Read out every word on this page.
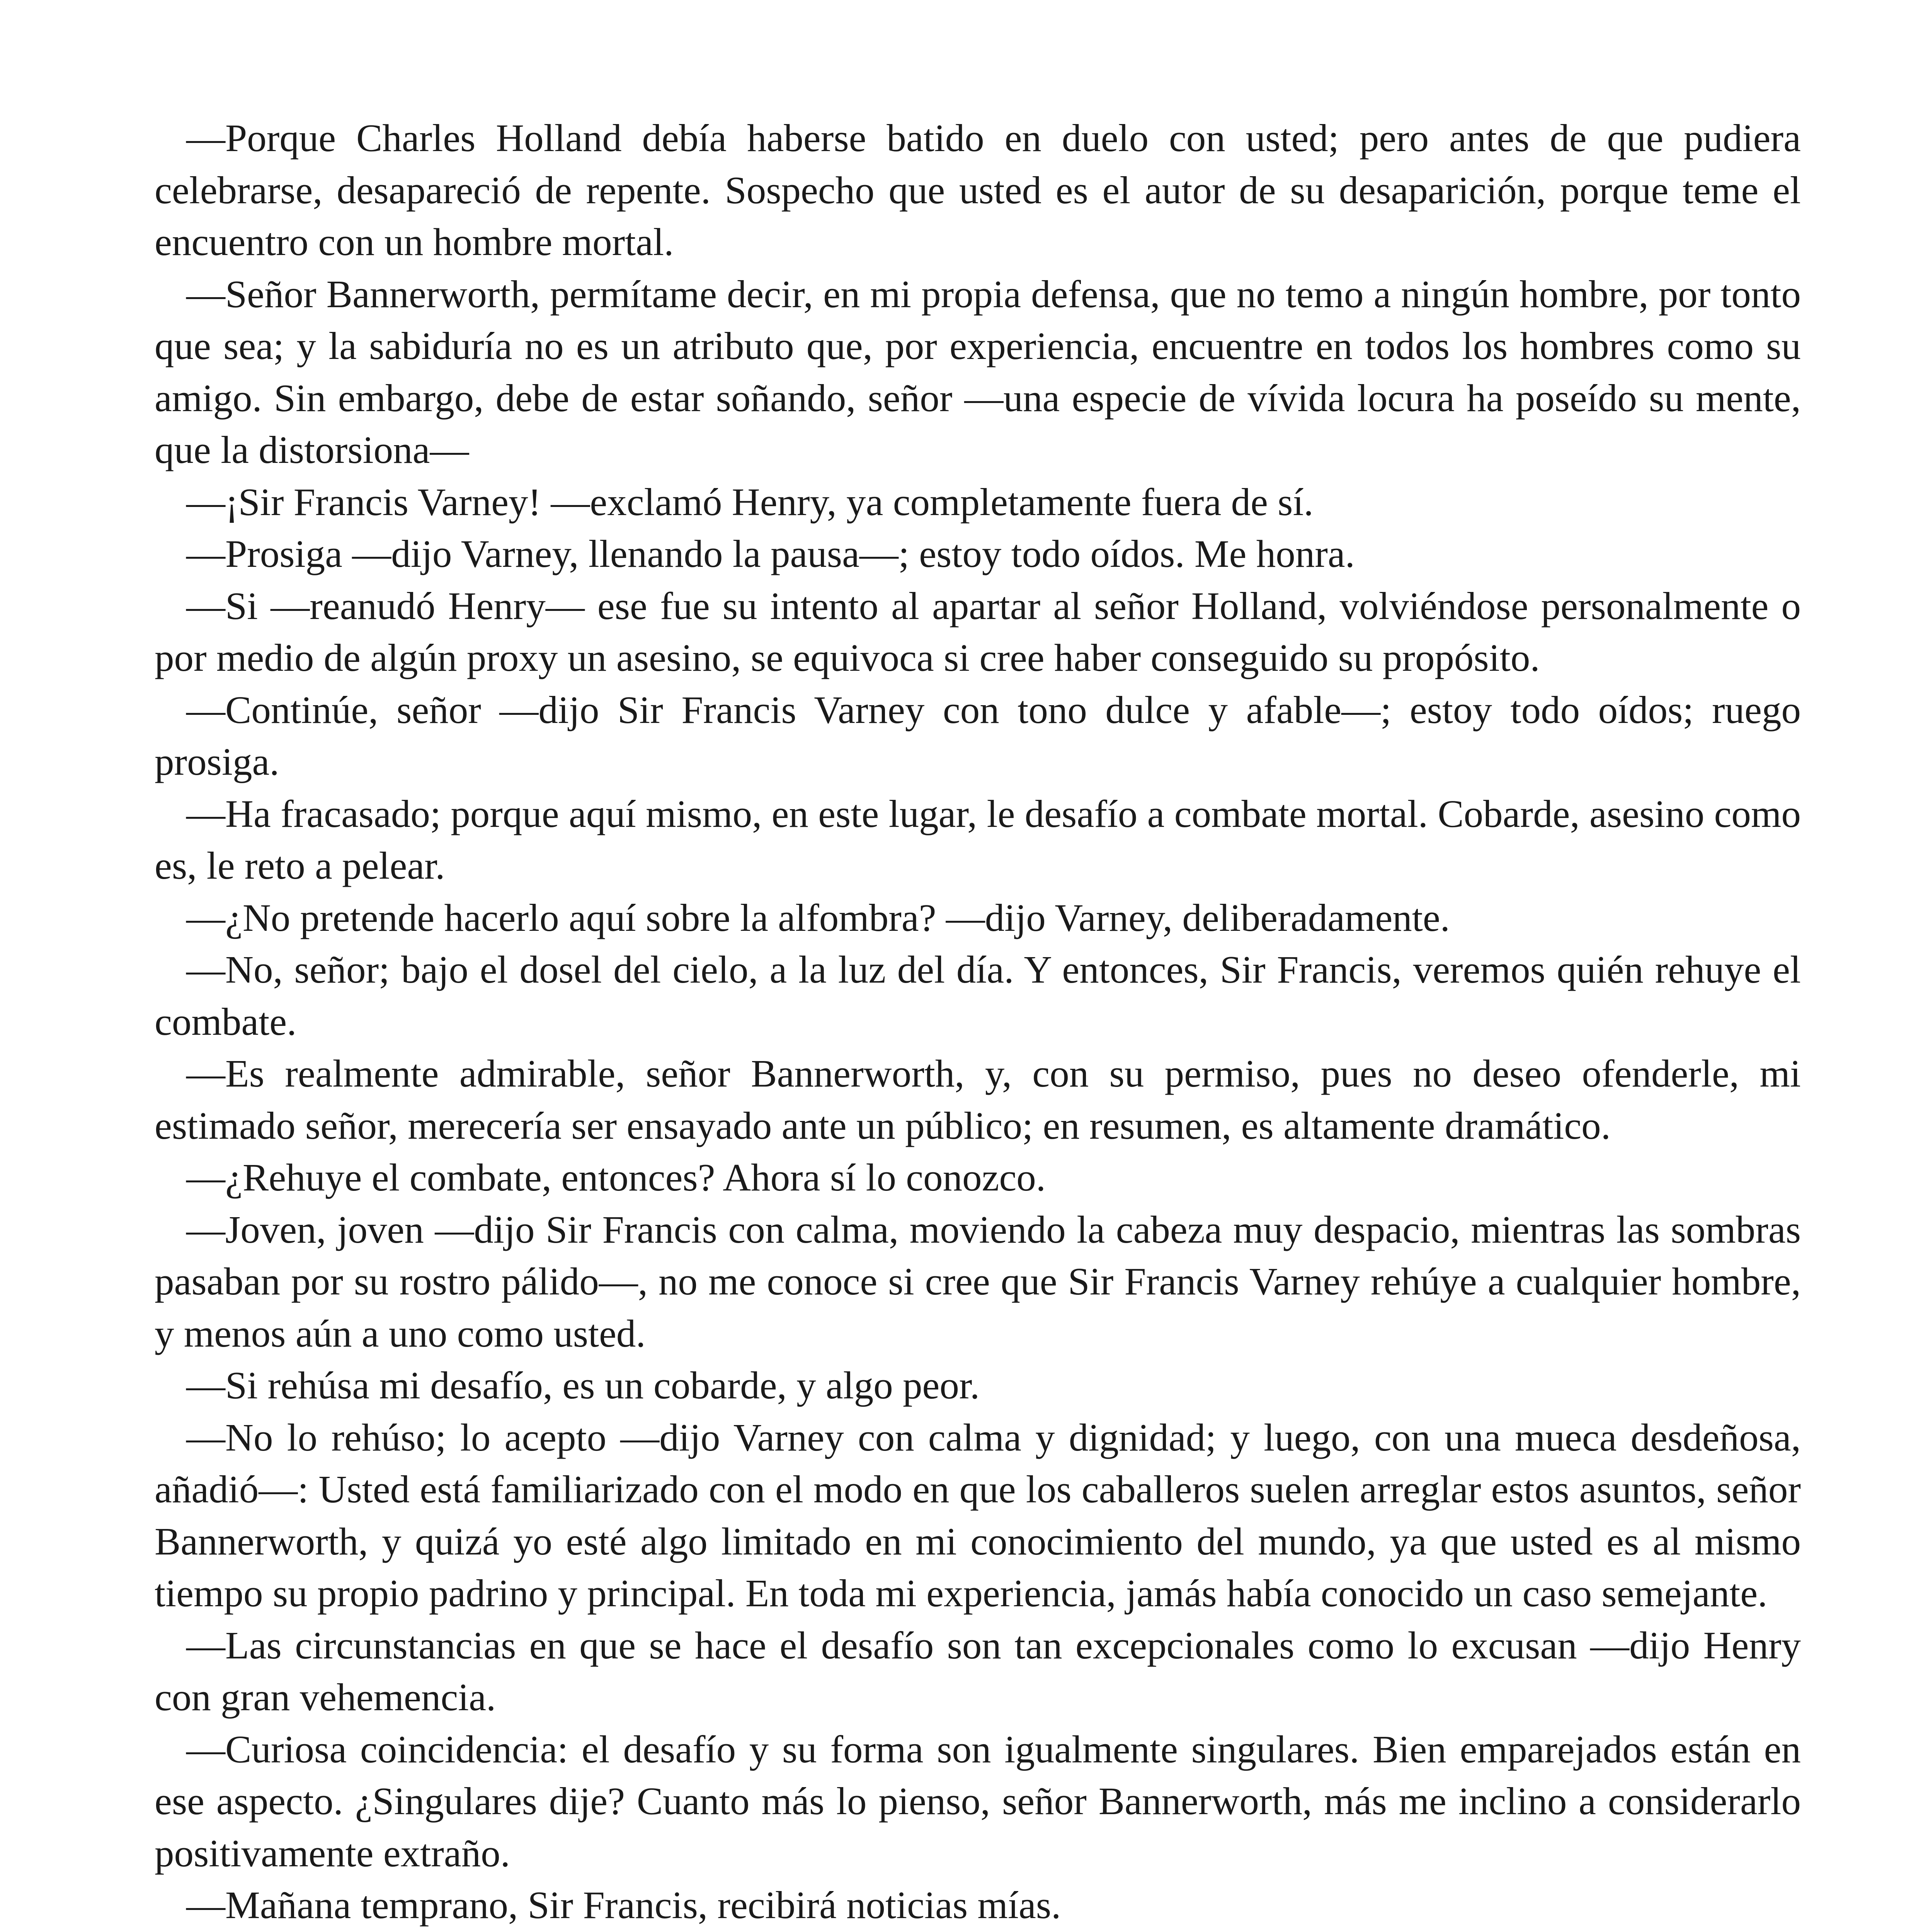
—Porque Charles Holland debía haberse batido en duelo con usted; pero antes de que pudiera celebrarse, desapareció de repente. Sospecho que usted es el autor de su desaparición, porque teme el encuentro con un hombre mortal.

—Señor Bannerworth, permítame decir, en mi propia defensa, que no temo a ningún hombre, por tonto que sea; y la sabiduría no es un atributo que, por experiencia, encuentre en todos los hombres como su amigo. Sin embargo, debe de estar soñando, señor —una especie de vívida locura ha poseído su mente, que la distorsiona—

—¡Sir Francis Varney! —exclamó Henry, ya completamente fuera de sí.

—Prosiga —dijo Varney, llenando la pausa—; estoy todo oídos. Me honra.

—Si —reanudó Henry— ese fue su intento al apartar al señor Holland, volviéndose personalmente o por medio de algún proxy un asesino, se equivoca si cree haber conseguido su propósito.

—Continúe, señor —dijo Sir Francis Varney con tono dulce y afable—; estoy todo oídos; ruego prosiga.

—Ha fracasado; porque aquí mismo, en este lugar, le desafío a combate mortal. Cobarde, asesino como es, le reto a pelear.

—¿No pretende hacerlo aquí sobre la alfombra? —dijo Varney, deliberadamente.

—No, señor; bajo el dosel del cielo, a la luz del día. Y entonces, Sir Francis, veremos quién rehuye el combate.

—Es realmente admirable, señor Bannerworth, y, con su permiso, pues no deseo ofenderle, mi estimado señor, merecería ser ensayado ante un público; en resumen, es altamente dramático.

—¿Rehuye el combate, entonces? Ahora sí lo conozco.

—Joven, joven —dijo Sir Francis con calma, moviendo la cabeza muy despacio, mientras las sombras pasaban por su rostro pálido—, no me conoce si cree que Sir Francis Varney rehúye a cualquier hombre, y menos aún a uno como usted.

—Si rehúsa mi desafío, es un cobarde, y algo peor.

—No lo rehúso; lo acepto —dijo Varney con calma y dignidad; y luego, con una mueca desdeñosa, añadió—: Usted está familiarizado con el modo en que los caballeros suelen arreglar estos asuntos, señor Bannerworth, y quizá yo esté algo limitado en mi conocimiento del mundo, ya que usted es al mismo tiempo su propio padrino y principal. En toda mi experiencia, jamás había conocido un caso semejante.

—Las circunstancias en que se hace el desafío son tan excepcionales como lo excusan —dijo Henry con gran vehemencia.

—Curiosa coincidencia: el desafío y su forma son igualmente singulares. Bien emparejados están en ese aspecto. ¿Singulares dije? Cuanto más lo pienso, señor Bannerworth, más me inclino a considerarlo positivamente extraño.

—Mañana temprano, Sir Francis, recibirá noticias mías.
